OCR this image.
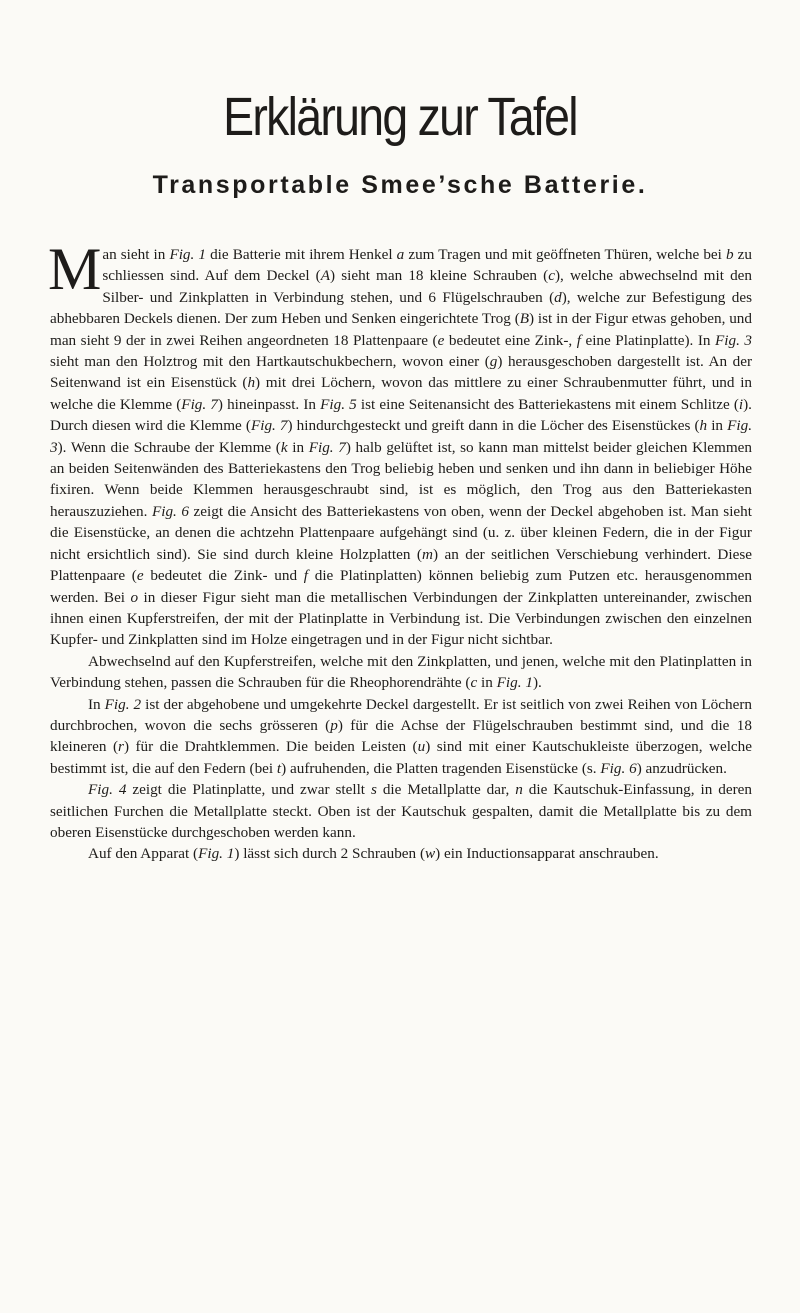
Erklärung zur Tafel
Transportable Smee’sche Batterie.

Man sieht in Fig. 1 die Batterie mit ihrem Henkel a zum Tragen und mit geöffneten Thüren, welche bei b zu schliessen sind. Auf dem Deckel (A) sieht man 18 kleine Schrauben (c), welche abwechselnd mit den Silber- und Zinkplatten in Verbindung stehen, und 6 Flügelschrauben (d), welche zur Befestigung des abhebbaren Deckels dienen. Der zum Heben und Senken eingerichtete Trog (B) ist in der Figur etwas gehoben, und man sieht 9 der in zwei Reihen angeordneten 18 Plattenpaare (e bedeutet eine Zink-, f eine Platinplatte). In Fig. 3 sieht man den Holztrog mit den Hartkautschukbechern, wovon einer (g) herausgeschoben dargestellt ist. An der Seitenwand ist ein Eisenstück (h) mit drei Löchern, wovon das mittlere zu einer Schraubenmutter führt, und in welche die Klemme (Fig. 7) hineinpasst. In Fig. 5 ist eine Seitenansicht des Batteriekastens mit einem Schlitze (i). Durch diesen wird die Klemme (Fig. 7) hindurchgesteckt und greift dann in die Löcher des Eisenstückes (h in Fig. 3). Wenn die Schraube der Klemme (k in Fig. 7) halb gelüftet ist, so kann man mittelst beider gleichen Klemmen an beiden Seitenwänden des Batteriekastens den Trog beliebig heben und senken und ihn dann in beliebiger Höhe fixiren. Wenn beide Klemmen herausgeschraubt sind, ist es möglich, den Trog aus den Batteriekasten herauszuziehen. Fig. 6 zeigt die Ansicht des Batteriekastens von oben, wenn der Deckel abgehoben ist. Man sieht die Eisenstücke, an denen die achtzehn Plattenpaare aufgehängt sind (u. z. über kleinen Federn, die in der Figur nicht ersichtlich sind). Sie sind durch kleine Holzplatten (m) an der seitlichen Verschiebung verhindert. Diese Plattenpaare (e bedeutet die Zink- und f die Platinplatten) können beliebig zum Putzen etc. herausgenommen werden. Bei o in dieser Figur sieht man die metallischen Verbindungen der Zinkplatten untereinander, zwischen ihnen einen Kupferstreifen, der mit der Platinplatte in Verbindung ist. Die Verbindungen zwischen den einzelnen Kupfer- und Zinkplatten sind im Holze eingetragen und in der Figur nicht sichtbar.

Abwechselnd auf den Kupferstreifen, welche mit den Zinkplatten, und jenen, welche mit den Platinplatten in Verbindung stehen, passen die Schrauben für die Rheophorendrähte (c in Fig. 1).

In Fig. 2 ist der abgehobene und umgekehrte Deckel dargestellt. Er ist seitlich von zwei Reihen von Löchern durchbrochen, wovon die sechs grösseren (p) für die Achse der Flügelschrauben bestimmt sind, und die 18 kleineren (r) für die Drahtklemmen. Die beiden Leisten (u) sind mit einer Kautschukleiste überzogen, welche bestimmt ist, die auf den Federn (bei t) aufruhenden, die Platten tragenden Eisenstücke (s. Fig. 6) anzudrücken.

Fig. 4 zeigt die Platinplatte, und zwar stellt s die Metallplatte dar, n die Kautschuk-Einfassung, in deren seitlichen Furchen die Metallplatte steckt. Oben ist der Kautschuk gespalten, damit die Metallplatte bis zu dem oberen Eisenstücke durchgeschoben werden kann.

Auf den Apparat (Fig. 1) lässt sich durch 2 Schrauben (w) ein Inductionsapparat anschrauben.
